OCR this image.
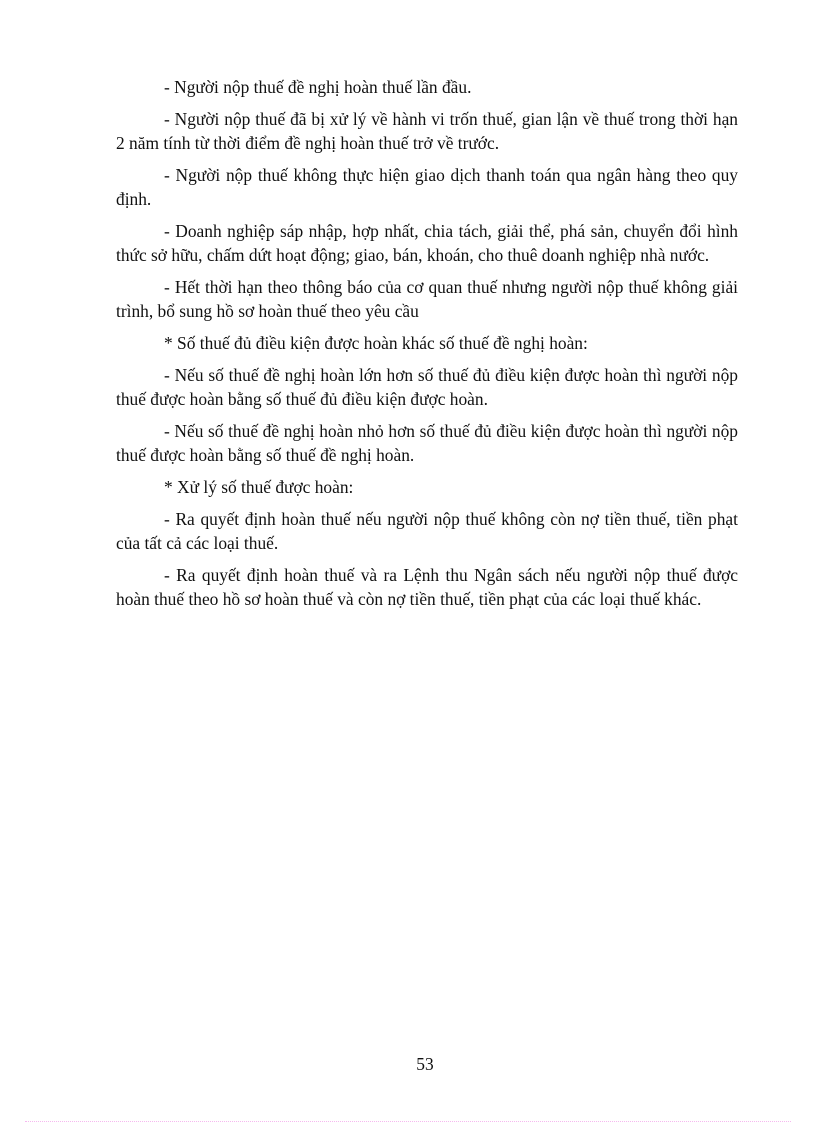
- Người nộp thuế đề nghị hoàn thuế lần đầu.

- Người nộp thuế đã bị xử lý về hành vi trốn thuế, gian lận về thuế trong thời hạn 2 năm tính từ thời điểm đề nghị hoàn thuế trở về trước.

- Người nộp thuế không thực hiện giao dịch thanh toán qua ngân hàng theo quy định.

- Doanh nghiệp sáp nhập, hợp nhất, chia tách, giải thể, phá sản, chuyển đổi hình thức sở hữu, chấm dứt hoạt động; giao, bán, khoán, cho thuê doanh nghiệp nhà nước.

- Hết thời hạn theo thông báo của cơ quan thuế nhưng người nộp thuế không giải trình, bổ sung hồ sơ hoàn thuế theo yêu cầu

* Số thuế đủ điều kiện được hoàn khác số thuế đề nghị hoàn:

- Nếu số thuế đề nghị hoàn lớn hơn số thuế đủ điều kiện được hoàn thì người nộp thuế được hoàn bằng số thuế đủ điều kiện được hoàn.

- Nếu số thuế đề nghị hoàn nhỏ hơn số thuế đủ điều kiện được hoàn thì người nộp thuế được hoàn bằng số thuế đề nghị hoàn.

* Xử lý số thuế được hoàn:

- Ra quyết định hoàn thuế nếu người nộp thuế không còn nợ tiền thuế, tiền phạt của tất cả các loại thuế.

- Ra quyết định hoàn thuế và ra Lệnh thu Ngân sách nếu người nộp thuế được hoàn thuế theo hồ sơ hoàn thuế và còn nợ tiền thuế, tiền phạt của các loại thuế khác.

53
